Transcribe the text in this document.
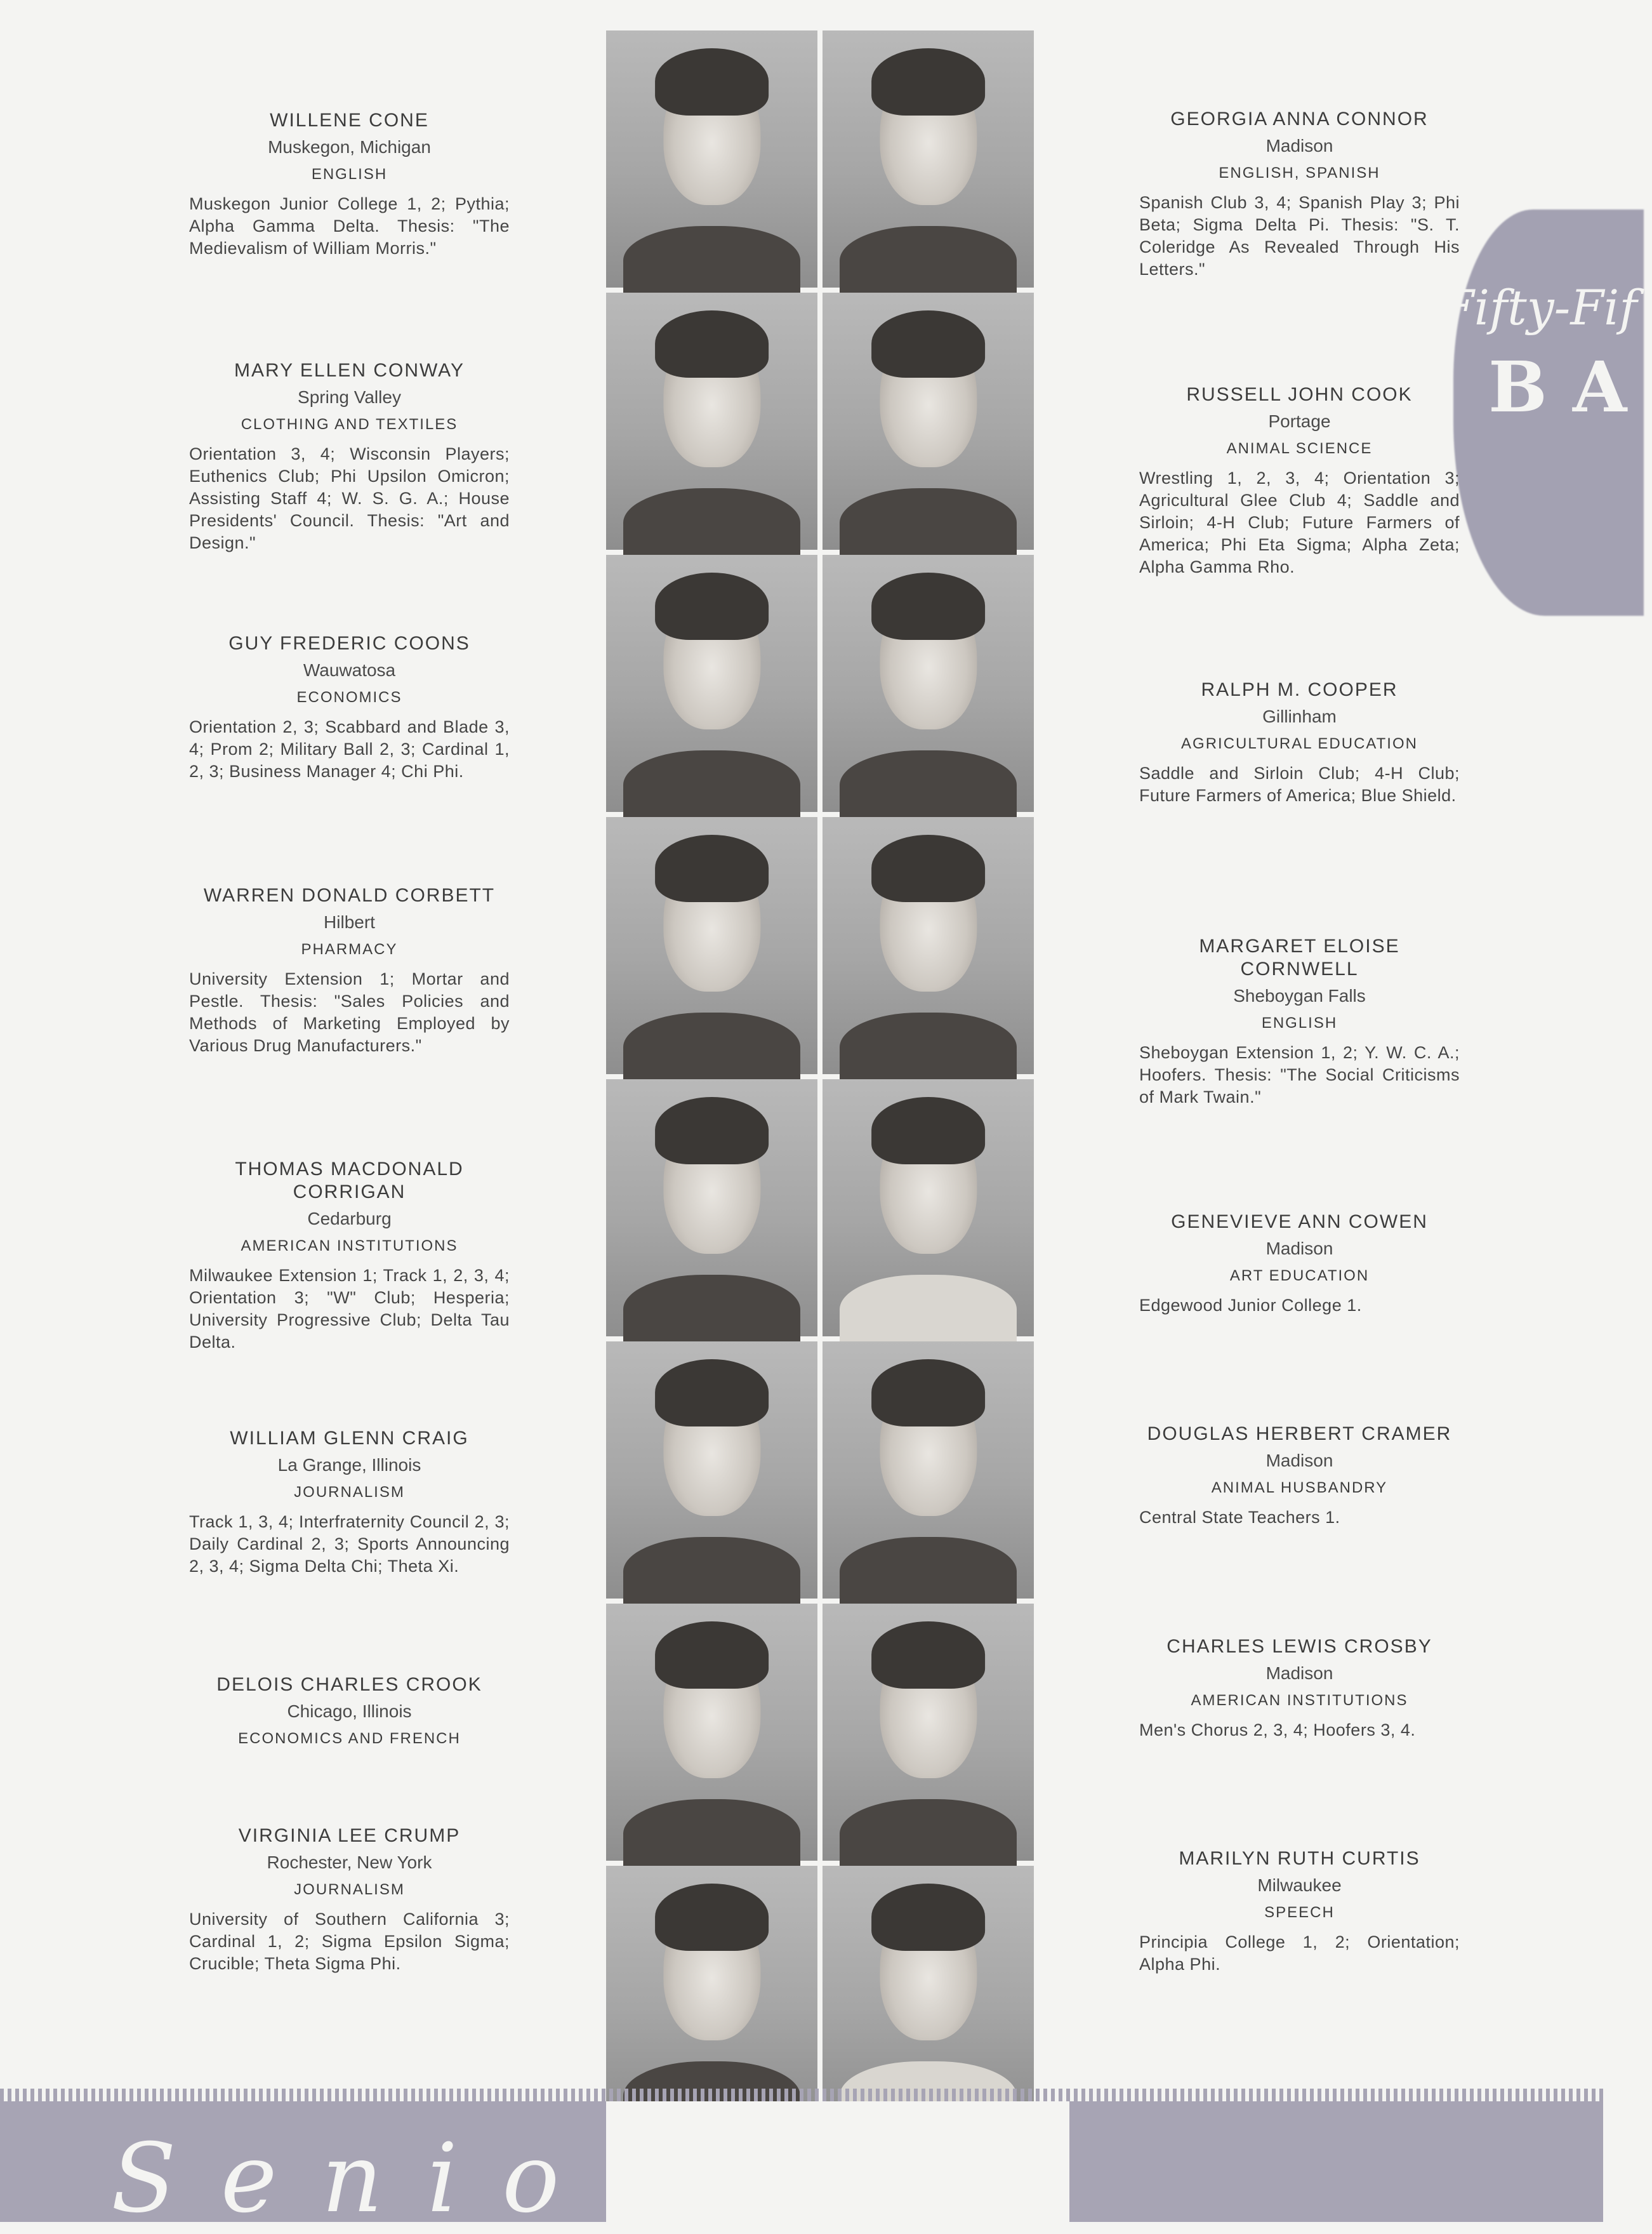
Fifty-Fif
BA
WILLENE CONE
Muskegon, Michigan
ENGLISH
Muskegon Junior College 1, 2; Pythia; Alpha Gamma Delta. Thesis: "The Medievalism of William Morris."
MARY ELLEN CONWAY
Spring Valley
CLOTHING AND TEXTILES
Orientation 3, 4; Wisconsin Players; Euthenics Club; Phi Upsilon Omicron; Assisting Staff 4; W. S. G. A.; House Presidents' Council. Thesis: "Art and Design."
GUY FREDERIC COONS
Wauwatosa
ECONOMICS
Orientation 2, 3; Scabbard and Blade 3, 4; Prom 2; Military Ball 2, 3; Cardinal 1, 2, 3; Business Manager 4; Chi Phi.
WARREN DONALD CORBETT
Hilbert
PHARMACY
University Extension 1; Mortar and Pestle. Thesis: "Sales Policies and Methods of Marketing Employed by Various Drug Manufacturers."
THOMAS MACDONALD CORRIGAN
Cedarburg
AMERICAN INSTITUTIONS
Milwaukee Extension 1; Track 1, 2, 3, 4; Orientation 3; "W" Club; Hesperia; University Progressive Club; Delta Tau Delta.
WILLIAM GLENN CRAIG
La Grange, Illinois
JOURNALISM
Track 1, 3, 4; Interfraternity Council 2, 3; Daily Cardinal 2, 3; Sports Announcing 2, 3, 4; Sigma Delta Chi; Theta Xi.
DELOIS CHARLES CROOK
Chicago, Illinois
ECONOMICS AND FRENCH
VIRGINIA LEE CRUMP
Rochester, New York
JOURNALISM
University of Southern California 3; Cardinal 1, 2; Sigma Epsilon Sigma; Crucible; Theta Sigma Phi.
GEORGIA ANNA CONNOR
Madison
ENGLISH, SPANISH
Spanish Club 3, 4; Spanish Play 3; Phi Beta; Sigma Delta Pi. Thesis: "S. T. Coleridge As Revealed Through His Letters."
RUSSELL JOHN COOK
Portage
ANIMAL SCIENCE
Wrestling 1, 2, 3, 4; Orientation 3; Agricultural Glee Club 4; Saddle and Sirloin; 4-H Club; Future Farmers of America; Phi Eta Sigma; Alpha Zeta; Alpha Gamma Rho.
RALPH M. COOPER
Gillinham
AGRICULTURAL EDUCATION
Saddle and Sirloin Club; 4-H Club; Future Farmers of America; Blue Shield.
MARGARET ELOISE CORNWELL
Sheboygan Falls
ENGLISH
Sheboygan Extension 1, 2; Y. W. C. A.; Hoofers. Thesis: "The Social Criticisms of Mark Twain."
GENEVIEVE ANN COWEN
Madison
ART EDUCATION
Edgewood Junior College 1.
DOUGLAS HERBERT CRAMER
Madison
ANIMAL HUSBANDRY
Central State Teachers 1.
CHARLES LEWIS CROSBY
Madison
AMERICAN INSTITUTIONS
Men's Chorus 2, 3, 4; Hoofers 3, 4.
MARILYN RUTH CURTIS
Milwaukee
SPEECH
Principia College 1, 2; Orientation; Alpha Phi.
Seniors
